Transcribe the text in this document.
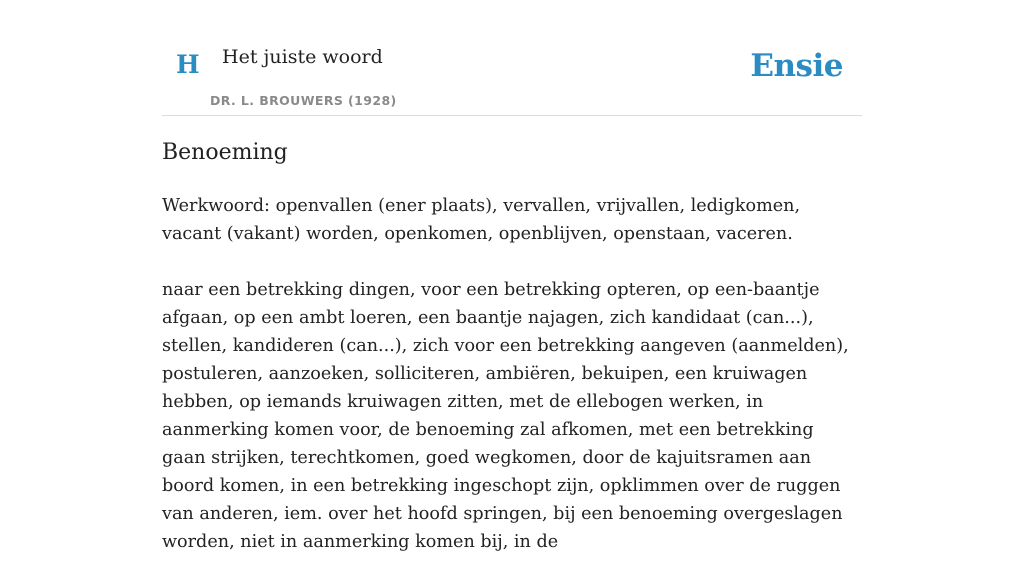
H Het juiste woord
DR. L. BROUWERS (1928)
Ensie
Benoeming

Werkwoord: openvallen (ener plaats), vervallen, vrijvallen, ledigkomen, vacant (vakant) worden, openkomen, openblijven, openstaan, vaceren.

naar een betrekking dingen, voor een betrekking opteren, op een-baantje afgaan, op een ambt loeren, een baantje najagen, zich kandidaat (can...), stellen, kandideren (can...), zich voor een betrekking aangeven (aanmelden), postuleren, aanzoeken, solliciteren, ambiëren, bekuipen, een kruiwagen hebben, op iemands kruiwagen zitten, met de ellebogen werken, in aanmerking komen voor, de benoeming zal afkomen, met een betrekking gaan strijken, terechtkomen, goed wegkomen, door de kajuitsramen aan boord komen, in een betrekking ingeschopt zijn, opklimmen over de ruggen van anderen, iem. over het hoofd springen, bij een benoeming overgeslagen worden, niet in aanmerking komen bij, in de
